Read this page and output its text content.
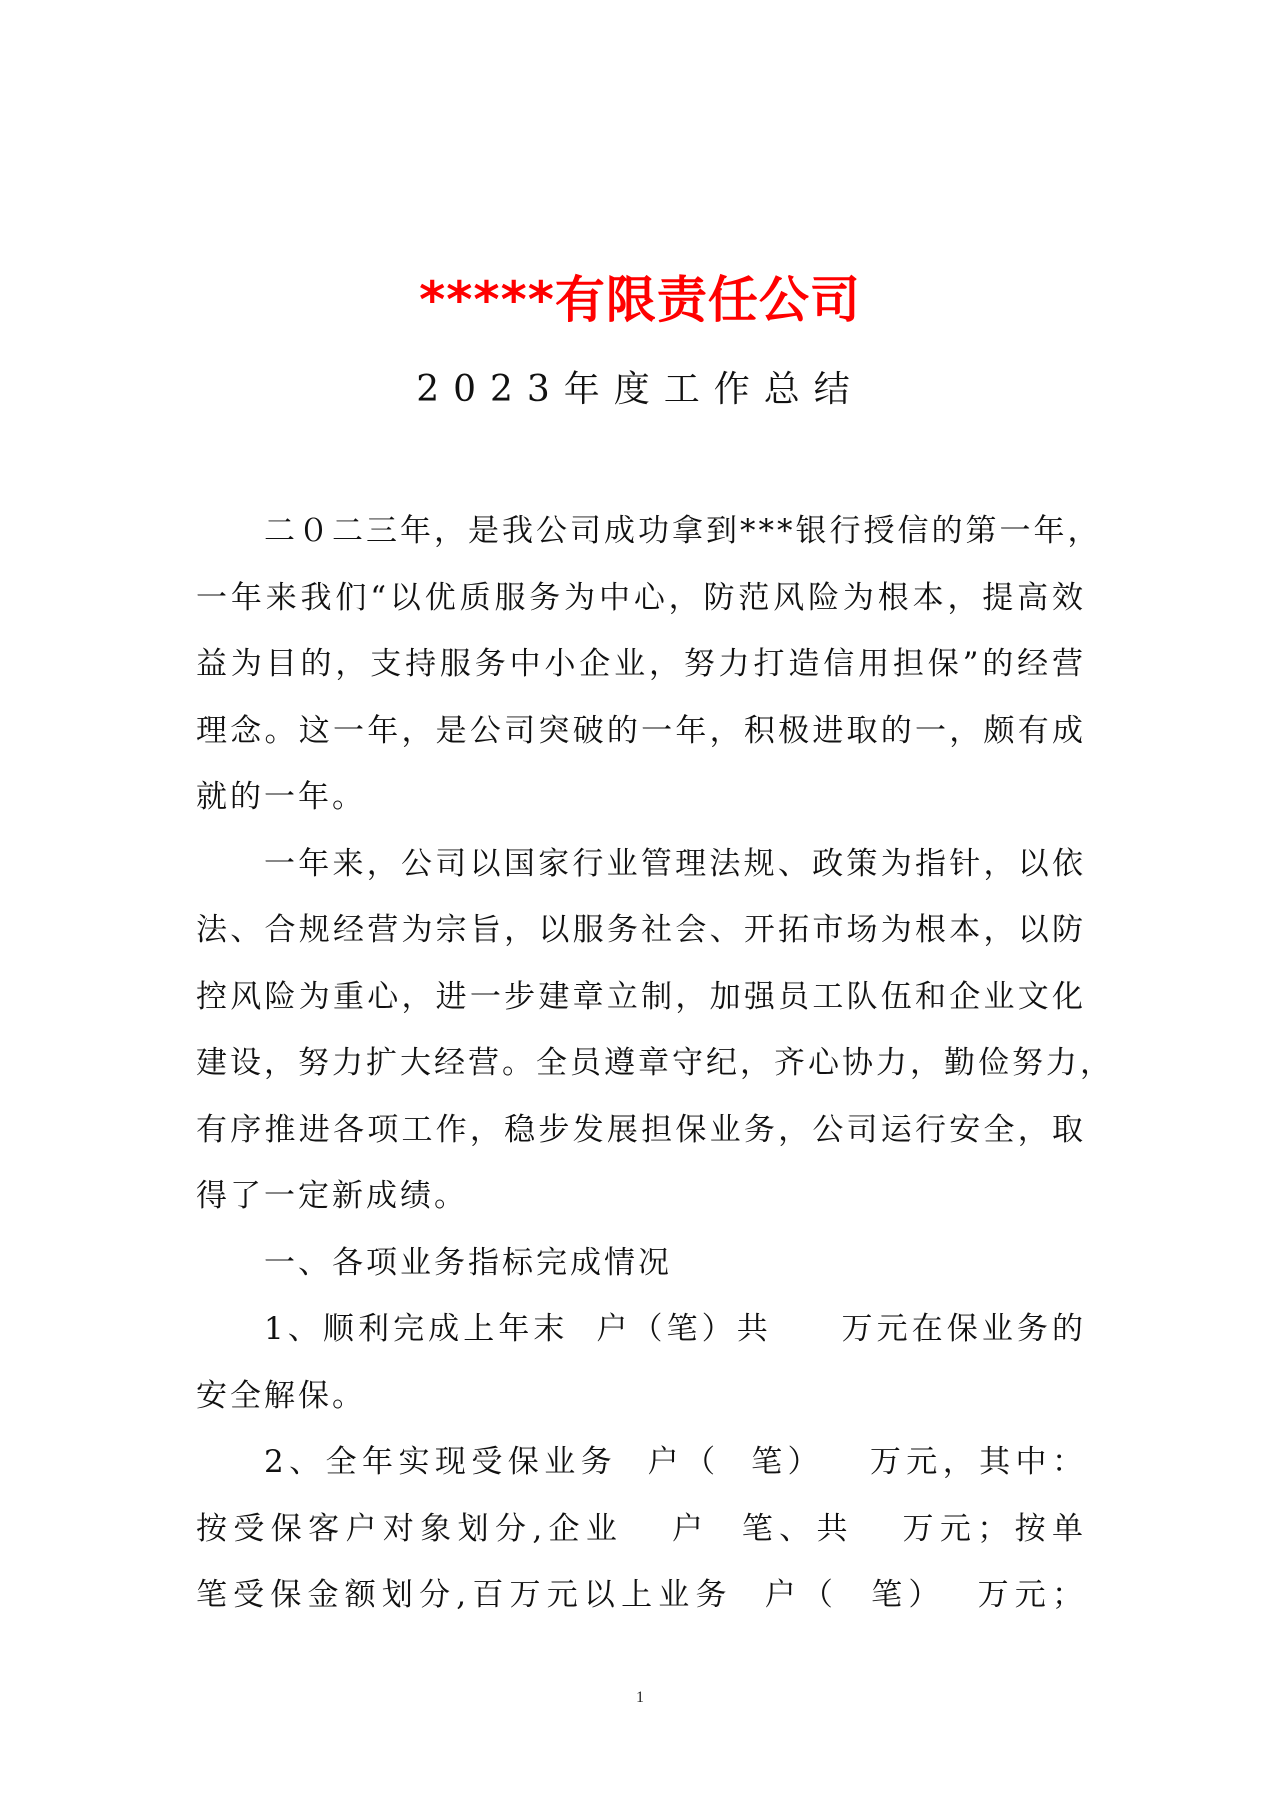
*****有限责任公司
2023年度工作总结
二０二三年，是我公司成功拿到***银行授信的第一年，
一年来我们“以优质服务为中心，防范风险为根本，提高效
益为目的，支持服务中小企业，努力打造信用担保”的经营
理念。这一年，是公司突破的一年，积极进取的一，颇有成
就的一年。
一年来，公司以国家行业管理法规、政策为指针，以依
法、合规经营为宗旨，以服务社会、开拓市场为根本，以防
控风险为重心，进一步建章立制，加强员工队伍和企业文化
建设，努力扩大经营。全员遵章守纪，齐心协力，勤俭努力，
有序推进各项工作，稳步发展担保业务，公司运行安全，取
得了一定新成绩。
一、各项业务指标完成情况
1、顺利完成上年末  户（笔）共     万元在保业务的
安全解保。
2、全年实现受保业务  户（  笔）   万元，其中：
按受保客户对象划分,企业   户  笔、共   万元；按单
笔受保金额划分,百万元以上业务  户（  笔）  万元；
1
